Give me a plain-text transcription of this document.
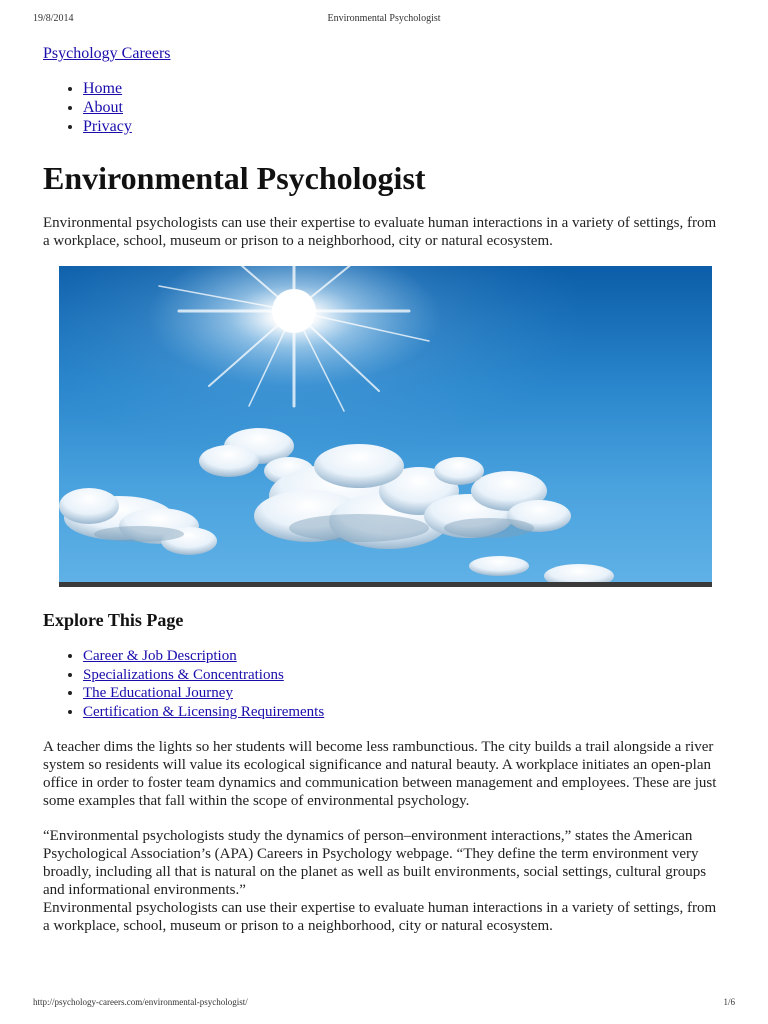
19/8/2014	Environmental Psychologist
Psychology Careers
• Home
• About
• Privacy
Environmental Psychologist

Environmental psychologists can use their expertise to evaluate human interactions in a variety of settings, from a workplace, school, museum or prison to a neighborhood, city or natural ecosystem.

Explore This Page
• Career & Job Description
• Specializations & Concentrations
• The Educational Journey
• Certification & Licensing Requirements

A teacher dims the lights so her students will become less rambunctious. The city builds a trail alongside a river system so residents will value its ecological significance and natural beauty. A workplace initiates an open-plan office in order to foster team dynamics and communication between management and employees. These are just some examples that fall within the scope of environmental psychology.

“Environmental psychologists study the dynamics of person–environment interactions,” states the American Psychological Association’s (APA) Careers in Psychology webpage. “They define the term environment very broadly, including all that is natural on the planet as well as built environments, social settings, cultural groups and informational environments.”

Environmental psychologists can use their expertise to evaluate human interactions in a variety of settings, from a workplace, school, museum or prison to a neighborhood, city or natural ecosystem.

http://psychology-careers.com/environmental-psychologist/	1/6
